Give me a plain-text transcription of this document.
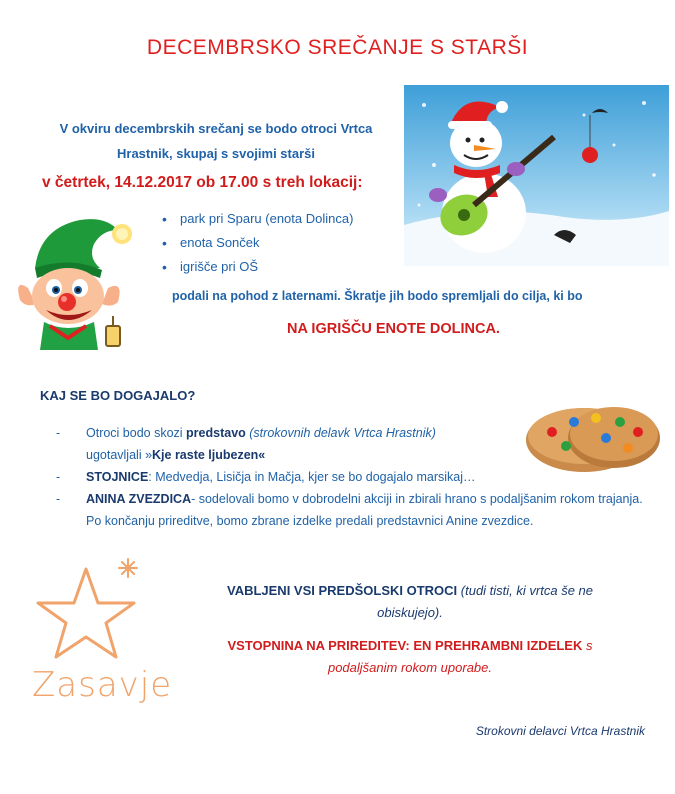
DECEMBRSKO SREČANJE S STARŠI
V okviru decembrskih srečanj se bodo otroci Vrtca
Hrastnik, skupaj s svojimi starši
v četrtek, 14.12.2017 ob 17.00 s treh lokacij:
• park pri Sparu (enota Dolinca)
• enota Sonček
• igrišče pri OŠ
podali na pohod z laternami. Škratje jih bodo spremljali do cilja, ki bo
NA IGRIŠČU ENOTE DOLINCA.
KAJ SE BO DOGAJALO?
- Otroci bodo skozi predstavo (strokovnih delavk Vrtca Hrastnik)
ugotavljali »Kje raste ljubezen«
- STOJNICE: Medvedja, Lisičja in Mačja, kjer se bo dogajalo marsikaj…
- ANINA ZVEZDICA- sodelovali bomo v dobrodelni akciji in zbirali hrano s podaljšanim rokom trajanja. Po končanju prireditve, bomo zbrane izdelke predali predstavnici Anine zvezdice.
Zasavje
VABLJENI VSI PREDŠOLSKI OTROCI (tudi tisti, ki vrtca še ne obiskujejo).
VSTOPNINA NA PRIREDITEV: EN PREHRAMBNI IZDELEK s podaljšanim rokom uporabe.
Strokovni delavci Vrtca Hrastnik
